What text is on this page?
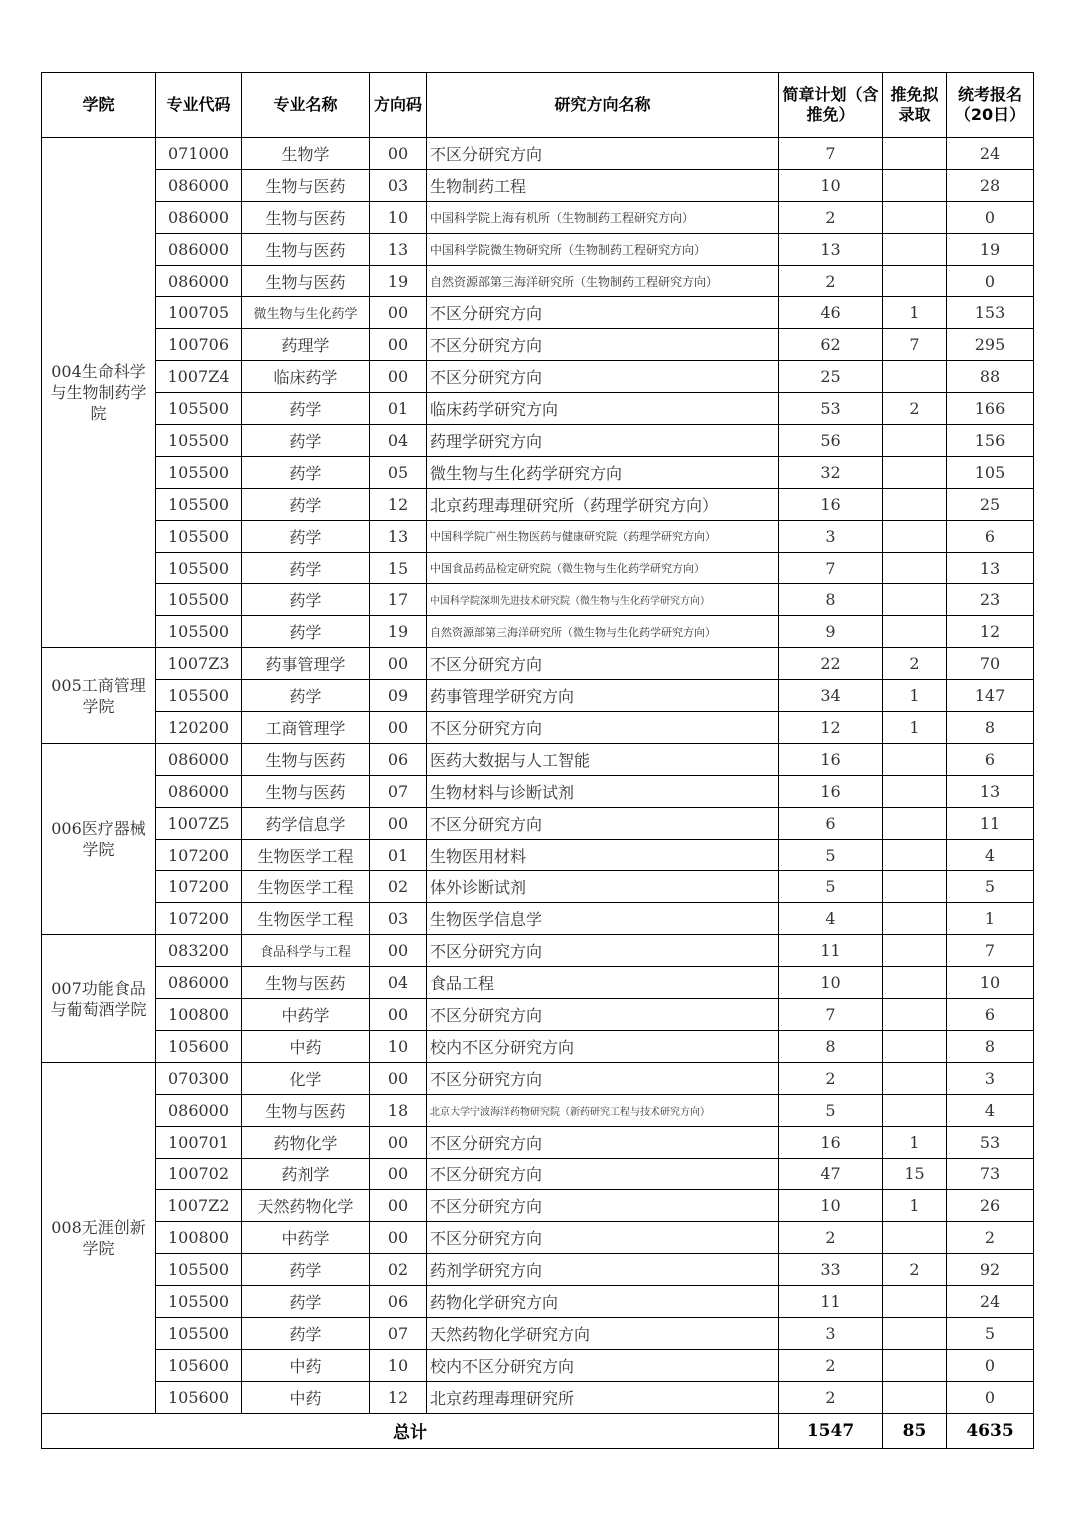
学院	专业代码	专业名称	方向码	研究方向名称	简章计划（含推免）	推免拟录取	统考报名（20日）
004生命科学与生物制药学院	071000	生物学	00	不区分研究方向	7		24
	086000	生物与医药	03	生物制药工程	10		28
	086000	生物与医药	10	中国科学院上海有机所（生物制药工程研究方向）	2		0
	086000	生物与医药	13	中国科学院微生物研究所（生物制药工程研究方向）	13		19
	086000	生物与医药	19	自然资源部第三海洋研究所（生物制药工程研究方向）	2		0
	100705	微生物与生化药学	00	不区分研究方向	46	1	153
	100706	药理学	00	不区分研究方向	62	7	295
	1007Z4	临床药学	00	不区分研究方向	25		88
	105500	药学	01	临床药学研究方向	53	2	166
	105500	药学	04	药理学研究方向	56		156
	105500	药学	05	微生物与生化药学研究方向	32		105
	105500	药学	12	北京药理毒理研究所（药理学研究方向）	16		25
	105500	药学	13	中国科学院广州生物医药与健康研究院（药理学研究方向）	3		6
	105500	药学	15	中国食品药品检定研究院（微生物与生化药学研究方向）	7		13
	105500	药学	17	中国科学院深圳先进技术研究院（微生物与生化药学研究方向）	8		23
	105500	药学	19	自然资源部第三海洋研究所（微生物与生化药学研究方向）	9		12
005工商管理学院	1007Z3	药事管理学	00	不区分研究方向	22	2	70
	105500	药学	09	药事管理学研究方向	34	1	147
	120200	工商管理学	00	不区分研究方向	12	1	8
006医疗器械学院	086000	生物与医药	06	医药大数据与人工智能	16		6
	086000	生物与医药	07	生物材料与诊断试剂	16		13
	1007Z5	药学信息学	00	不区分研究方向	6		11
	107200	生物医学工程	01	生物医用材料	5		4
	107200	生物医学工程	02	体外诊断试剂	5		5
	107200	生物医学工程	03	生物医学信息学	4		1
007功能食品与葡萄酒学院	083200	食品科学与工程	00	不区分研究方向	11		7
	086000	生物与医药	04	食品工程	10		10
	100800	中药学	00	不区分研究方向	7		6
	105600	中药	10	校内不区分研究方向	8		8
008无涯创新学院	070300	化学	00	不区分研究方向	2		3
	086000	生物与医药	18	北京大学宁波海洋药物研究院（新药研究工程与技术研究方向）	5		4
	100701	药物化学	00	不区分研究方向	16	1	53
	100702	药剂学	00	不区分研究方向	47	15	73
	1007Z2	天然药物化学	00	不区分研究方向	10	1	26
	100800	中药学	00	不区分研究方向	2		2
	105500	药学	02	药剂学研究方向	33	2	92
	105500	药学	06	药物化学研究方向	11		24
	105500	药学	07	天然药物化学研究方向	3		5
	105600	中药	10	校内不区分研究方向	2		0
	105600	中药	12	北京药理毒理研究所	2		0
总计					1547	85	4635
